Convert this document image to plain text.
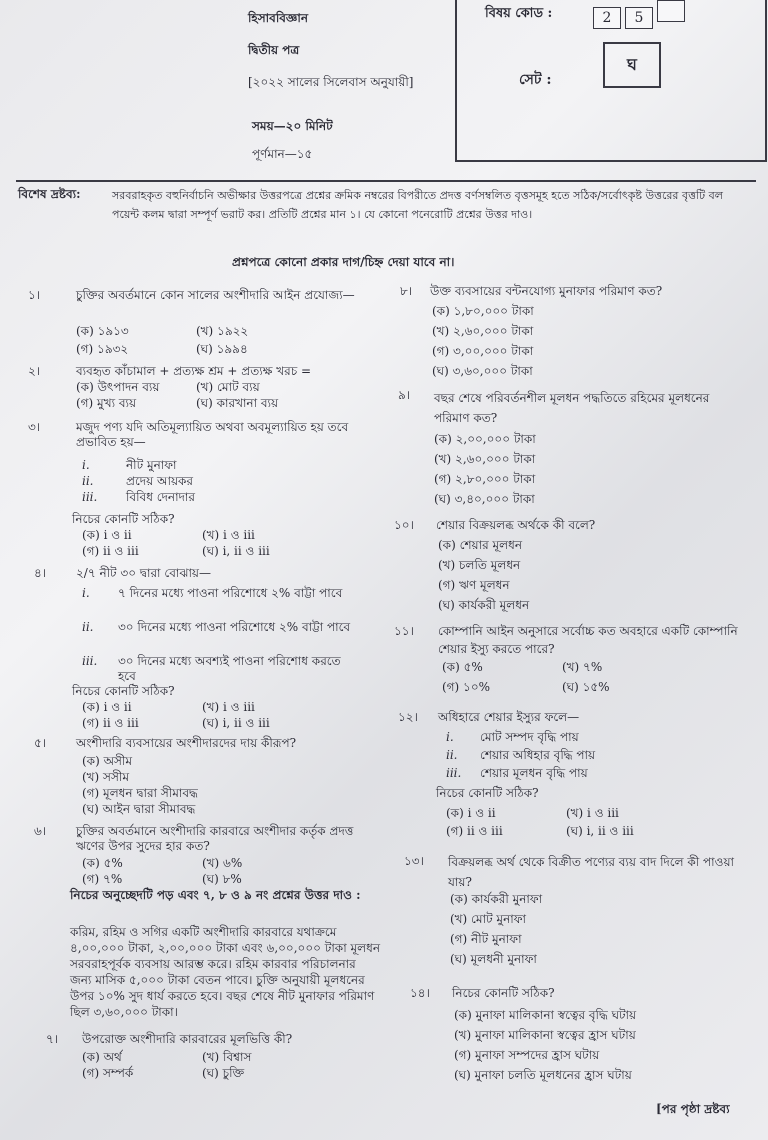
হিসাববিজ্ঞান
দ্বিতীয় পত্র
[২০২২ সালের সিলেবাস অনুযায়ী]
সময়—২০ মিনিট
পূর্ণমান—১৫
বিষয় কোড :	2 5
সেট :
ঘ
বিশেষ দ্রষ্টব্য:	সরবরাহকৃত বহুনির্বাচনি অভীক্ষার উত্তরপত্রে প্রশ্নের ক্রমিক নম্বরের বিপরীতে প্রদত্ত বর্ণসম্বলিত বৃত্তসমূহ হতে সঠিক/সর্বোৎকৃষ্ট উত্তরের বৃত্তটি বল পয়েন্ট কলম দ্বারা সম্পূর্ণ ভরাট কর। প্রতিটি প্রশ্নের মান ১। যে কোনো পনেরোটি প্রশ্নের উত্তর দাও।
প্রশ্নপত্রে কোনো প্রকার দাগ/চিহ্ন দেয়া যাবে না।
১।	চুক্তির অবর্তমানে কোন সালের অংশীদারি আইন প্রযোজ্য—
(ক) ১৯১৩	(খ) ১৯২২
(গ) ১৯৩২	(ঘ) ১৯৯৪
২।	ব্যবহৃত কাঁচামাল + প্রত্যক্ষ শ্রম + প্রত্যক্ষ খরচ =
(ক) উৎপাদন ব্যয়	(খ) মোট ব্যয়
(গ) মুখ্য ব্যয়	(ঘ) কারখানা ব্যয়
৩।	মজুদ পণ্য যদি অতিমূল্যায়িত অথবা অবমূল্যায়িত হয় তবে প্রভাবিত হয়—
i.	নীট মুনাফা
ii.	প্রদেয় আয়কর
iii. বিবিধ দেনাদার
নিচের কোনটি সঠিক?
(ক) i ও ii	(খ) i ও iii
(গ) ii ও iii	(ঘ) i, ii ও iii
৪। ২/৭ নীট ৩০ দ্বারা বোঝায়—
i. ৭ দিনের মধ্যে পাওনা পরিশোধে ২% বাট্টা পাবে
ii. ৩০ দিনের মধ্যে পাওনা পরিশোধে ২% বাট্টা পাবে
iii. ৩০ দিনের মধ্যে অবশ্যই পাওনা পরিশোধ করতে হবে
নিচের কোনটি সঠিক?
(ক) i ও ii	(খ) i ও iii
(গ) ii ও iii	(ঘ) i, ii ও iii
৫। অংশীদারি ব্যবসায়ের অংশীদারদের দায় কীরূপ?
(ক) অসীম
(খ) সসীম
(গ) মূলধন দ্বারা সীমাবদ্ধ
(ঘ) আইন দ্বারা সীমাবদ্ধ
৬। চুক্তির অবর্তমানে অংশীদারি কারবারে অংশীদার কর্তৃক প্রদত্ত ঋণের উপর সুদের হার কত?
(ক) ৫%	(খ) ৬%
(গ) ৭%	(ঘ) ৮%
নিচের অনুচ্ছেদটি পড় এবং ৭, ৮ ও ৯ নং প্রশ্নের উত্তর দাও :
করিম, রহিম ও সগির একটি অংশীদারি কারবারে যথাক্রমে ৪,০০,০০০ টাকা, ২,০০,০০০ টাকা এবং ৬,০০,০০০ টাকা মূলধন সরবরাহপূর্বক ব্যবসায় আরম্ভ করে। রহিম কারবার পরিচালনার জন্য মাসিক ৫,০০০ টাকা বেতন পাবে। চুক্তি অনুযায়ী মূলধনের উপর ১০% সুদ ধার্য করতে হবে। বছর শেষে নীট মুনাফার পরিমাণ ছিল ৩,৬০,০০০ টাকা।
৭। উপরোক্ত অংশীদারি কারবারের মূলভিত্তি কী?
(ক) অর্থ	(খ) বিশ্বাস
(গ) সম্পর্ক	(ঘ) চুক্তি
৮। উক্ত ব্যবসায়ের বন্টনযোগ্য মুনাফার পরিমাণ কত?
(ক) ১,৮০,০০০ টাকা
(খ) ২,৬০,০০০ টাকা
(গ) ৩,০০,০০০ টাকা
(ঘ) ৩,৬০,০০০ টাকা
৯। বছর শেষে পরিবর্তনশীল মূলধন পদ্ধতিতে রহিমের মূলধনের পরিমাণ কত?
(ক) ২,০০,০০০ টাকা
(খ) ২,৬০,০০০ টাকা
(গ) ২,৮০,০০০ টাকা
(ঘ) ৩,৪০,০০০ টাকা
১০। শেয়ার বিক্রয়লব্ধ অর্থকে কী বলে?
(ক) শেয়ার মূলধন
(খ) চলতি মূলধন
(গ) ঋণ মূলধন
(ঘ) কার্যকরী মূলধন
১১। কোম্পানি আইন অনুসারে সর্বোচ্চ কত অবহারে একটি কোম্পানি শেয়ার ইস্যু করতে পারে?
(ক) ৫%	(খ) ৭%
(গ) ১০%	(ঘ) ১৫%
১২। অধিহারে শেয়ার ইস্যুর ফলে—
i. মোট সম্পদ বৃদ্ধি পায়
ii. শেয়ার অধিহার বৃদ্ধি পায়
iii. শেয়ার মূলধন বৃদ্ধি পায়
নিচের কোনটি সঠিক?
(ক) i ও ii	(খ) i ও iii
(গ) ii ও iii	(ঘ) i, ii ও iii
১৩। বিক্রয়লব্ধ অর্থ থেকে বিক্রীত পণ্যের ব্যয় বাদ দিলে কী পাওয়া যায়?
(ক) কার্যকরী মুনাফা
(খ) মোট মুনাফা
(গ) নীট মুনাফা
(ঘ) মূলধনী মুনাফা
১৪। নিচের কোনটি সঠিক?
(ক) মুনাফা মালিকানা স্বত্বের বৃদ্ধি ঘটায়
(খ) মুনাফা মালিকানা স্বত্বের হ্রাস ঘটায়
(গ) মুনাফা সম্পদের হ্রাস ঘটায়
(ঘ) মুনাফা চলতি মূলধনের হ্রাস ঘটায়
[পর পৃষ্ঠা দ্রষ্টব্য
